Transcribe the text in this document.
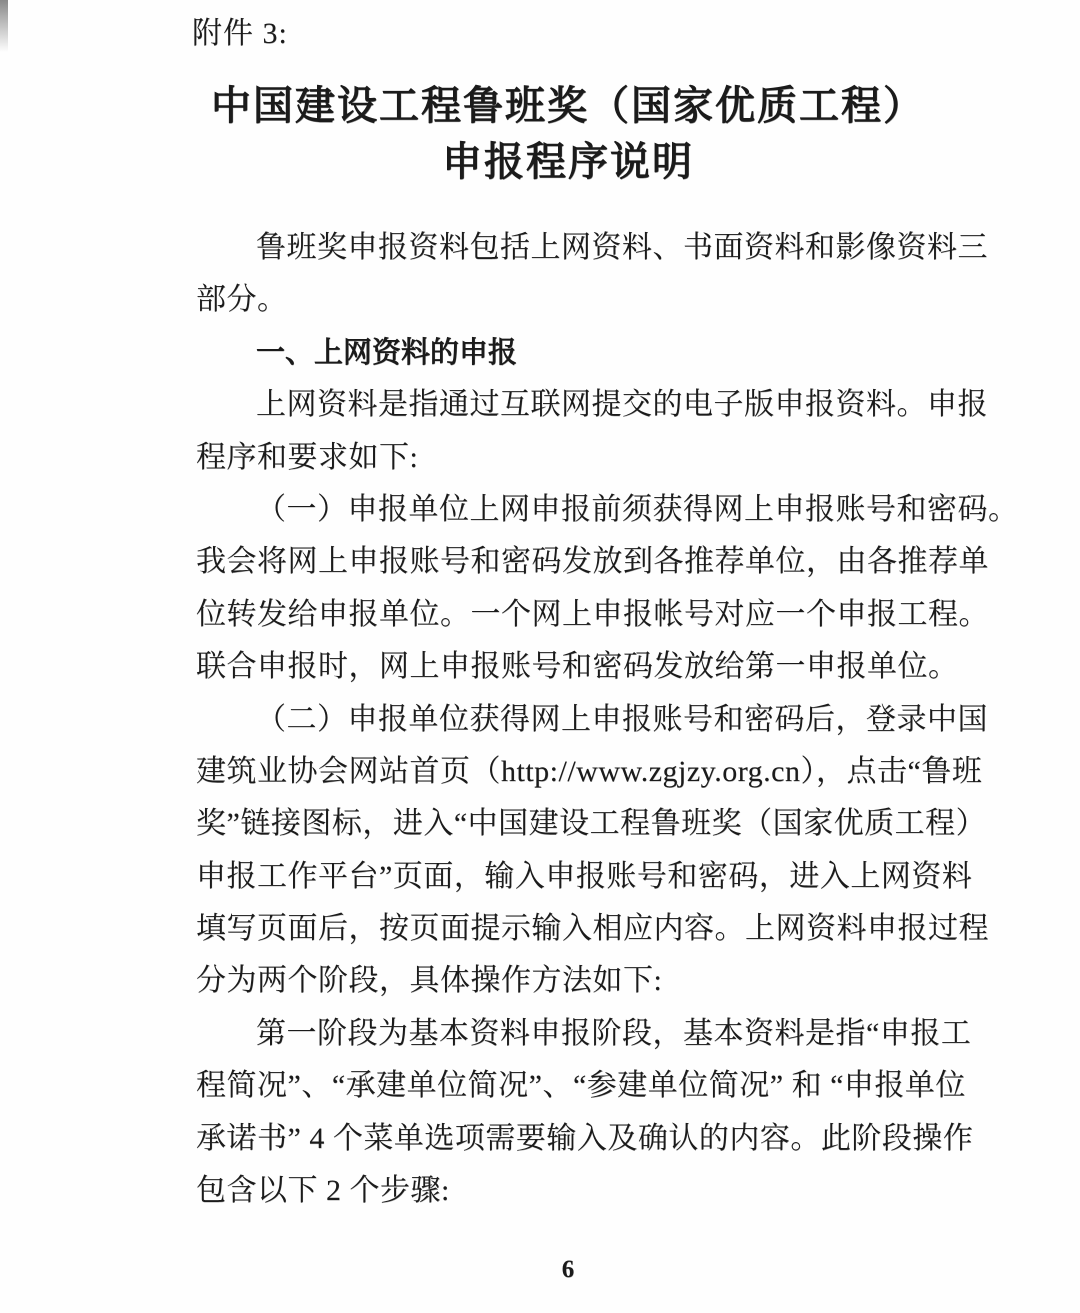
附件 3:
中国建设工程鲁班奖（国家优质工程）
申报程序说明
鲁班奖申报资料包括上网资料、书面资料和影像资料三
部分。
一、上网资料的申报
上网资料是指通过互联网提交的电子版申报资料。申报
程序和要求如下:
（一）申报单位上网申报前须获得网上申报账号和密码。
我会将网上申报账号和密码发放到各推荐单位，由各推荐单
位转发给申报单位。一个网上申报帐号对应一个申报工程。
联合申报时，网上申报账号和密码发放给第一申报单位。
（二）申报单位获得网上申报账号和密码后，登录中国
建筑业协会网站首页（http://www.zgjzy.org.cn），点击“鲁班
奖”链接图标，进入“中国建设工程鲁班奖（国家优质工程）
申报工作平台”页面，输入申报账号和密码，进入上网资料
填写页面后，按页面提示输入相应内容。上网资料申报过程
分为两个阶段，具体操作方法如下:
第一阶段为基本资料申报阶段，基本资料是指“申报工
程简况”、“承建单位简况”、“参建单位简况” 和 “申报单位
承诺书” 4 个菜单选项需要输入及确认的内容。此阶段操作
包含以下 2 个步骤:
6
